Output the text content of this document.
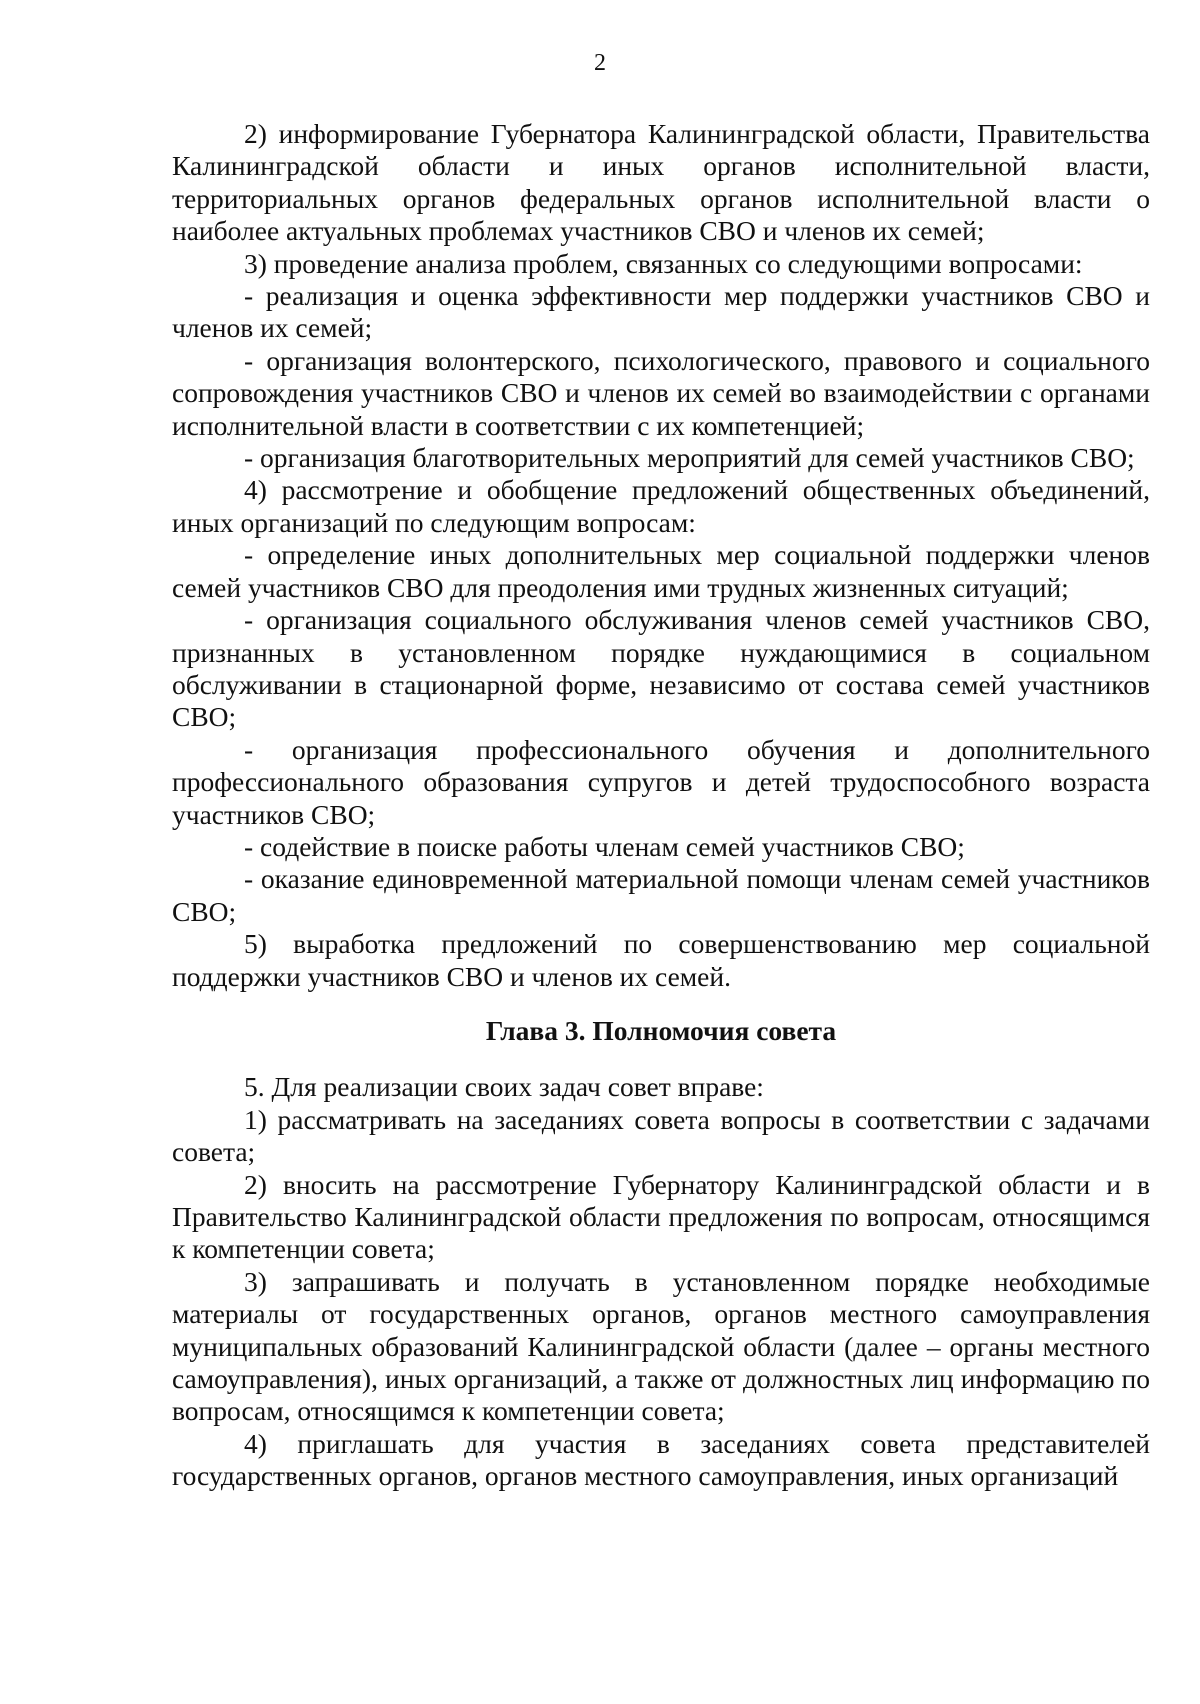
2

2) информирование Губернатора Калининградской области, Правительства Калининградской области и иных органов исполнительной власти, территориальных органов федеральных органов исполнительной власти о наиболее актуальных проблемах участников СВО и членов их семей;

3) проведение анализа проблем, связанных со следующими вопросами:

- реализация и оценка эффективности мер поддержки участников СВО и членов их семей;

- организация волонтерского, психологического, правового и социального сопровождения участников СВО и членов их семей во взаимодействии с органами исполнительной власти в соответствии с их компетенцией;

- организация благотворительных мероприятий для семей участников СВО;

4) рассмотрение и обобщение предложений общественных объединений, иных организаций по следующим вопросам:

- определение иных дополнительных мер социальной поддержки членов семей участников СВО для преодоления ими трудных жизненных ситуаций;

- организация социального обслуживания членов семей участников СВО, признанных в установленном порядке нуждающимися в социальном обслуживании в стационарной форме, независимо от состава семей участников СВО;

- организация профессионального обучения и дополнительного профессионального образования супругов и детей трудоспособного возраста участников СВО;

- содействие в поиске работы членам семей участников СВО;

- оказание единовременной материальной помощи членам семей участников СВО;

5) выработка предложений по совершенствованию мер социальной поддержки участников СВО и членов их семей.

Глава 3. Полномочия совета

5. Для реализации своих задач совет вправе:

1) рассматривать на заседаниях совета вопросы в соответствии с задачами совета;

2) вносить на рассмотрение Губернатору Калининградской области и в Правительство Калининградской области предложения по вопросам, относящимся к компетенции совета;

3) запрашивать и получать в установленном порядке необходимые материалы от государственных органов, органов местного самоуправления муниципальных образований Калининградской области (далее – органы местного самоуправления), иных организаций, а также от должностных лиц информацию по вопросам, относящимся к компетенции совета;

4) приглашать для участия в заседаниях совета представителей государственных органов, органов местного самоуправления, иных организаций
